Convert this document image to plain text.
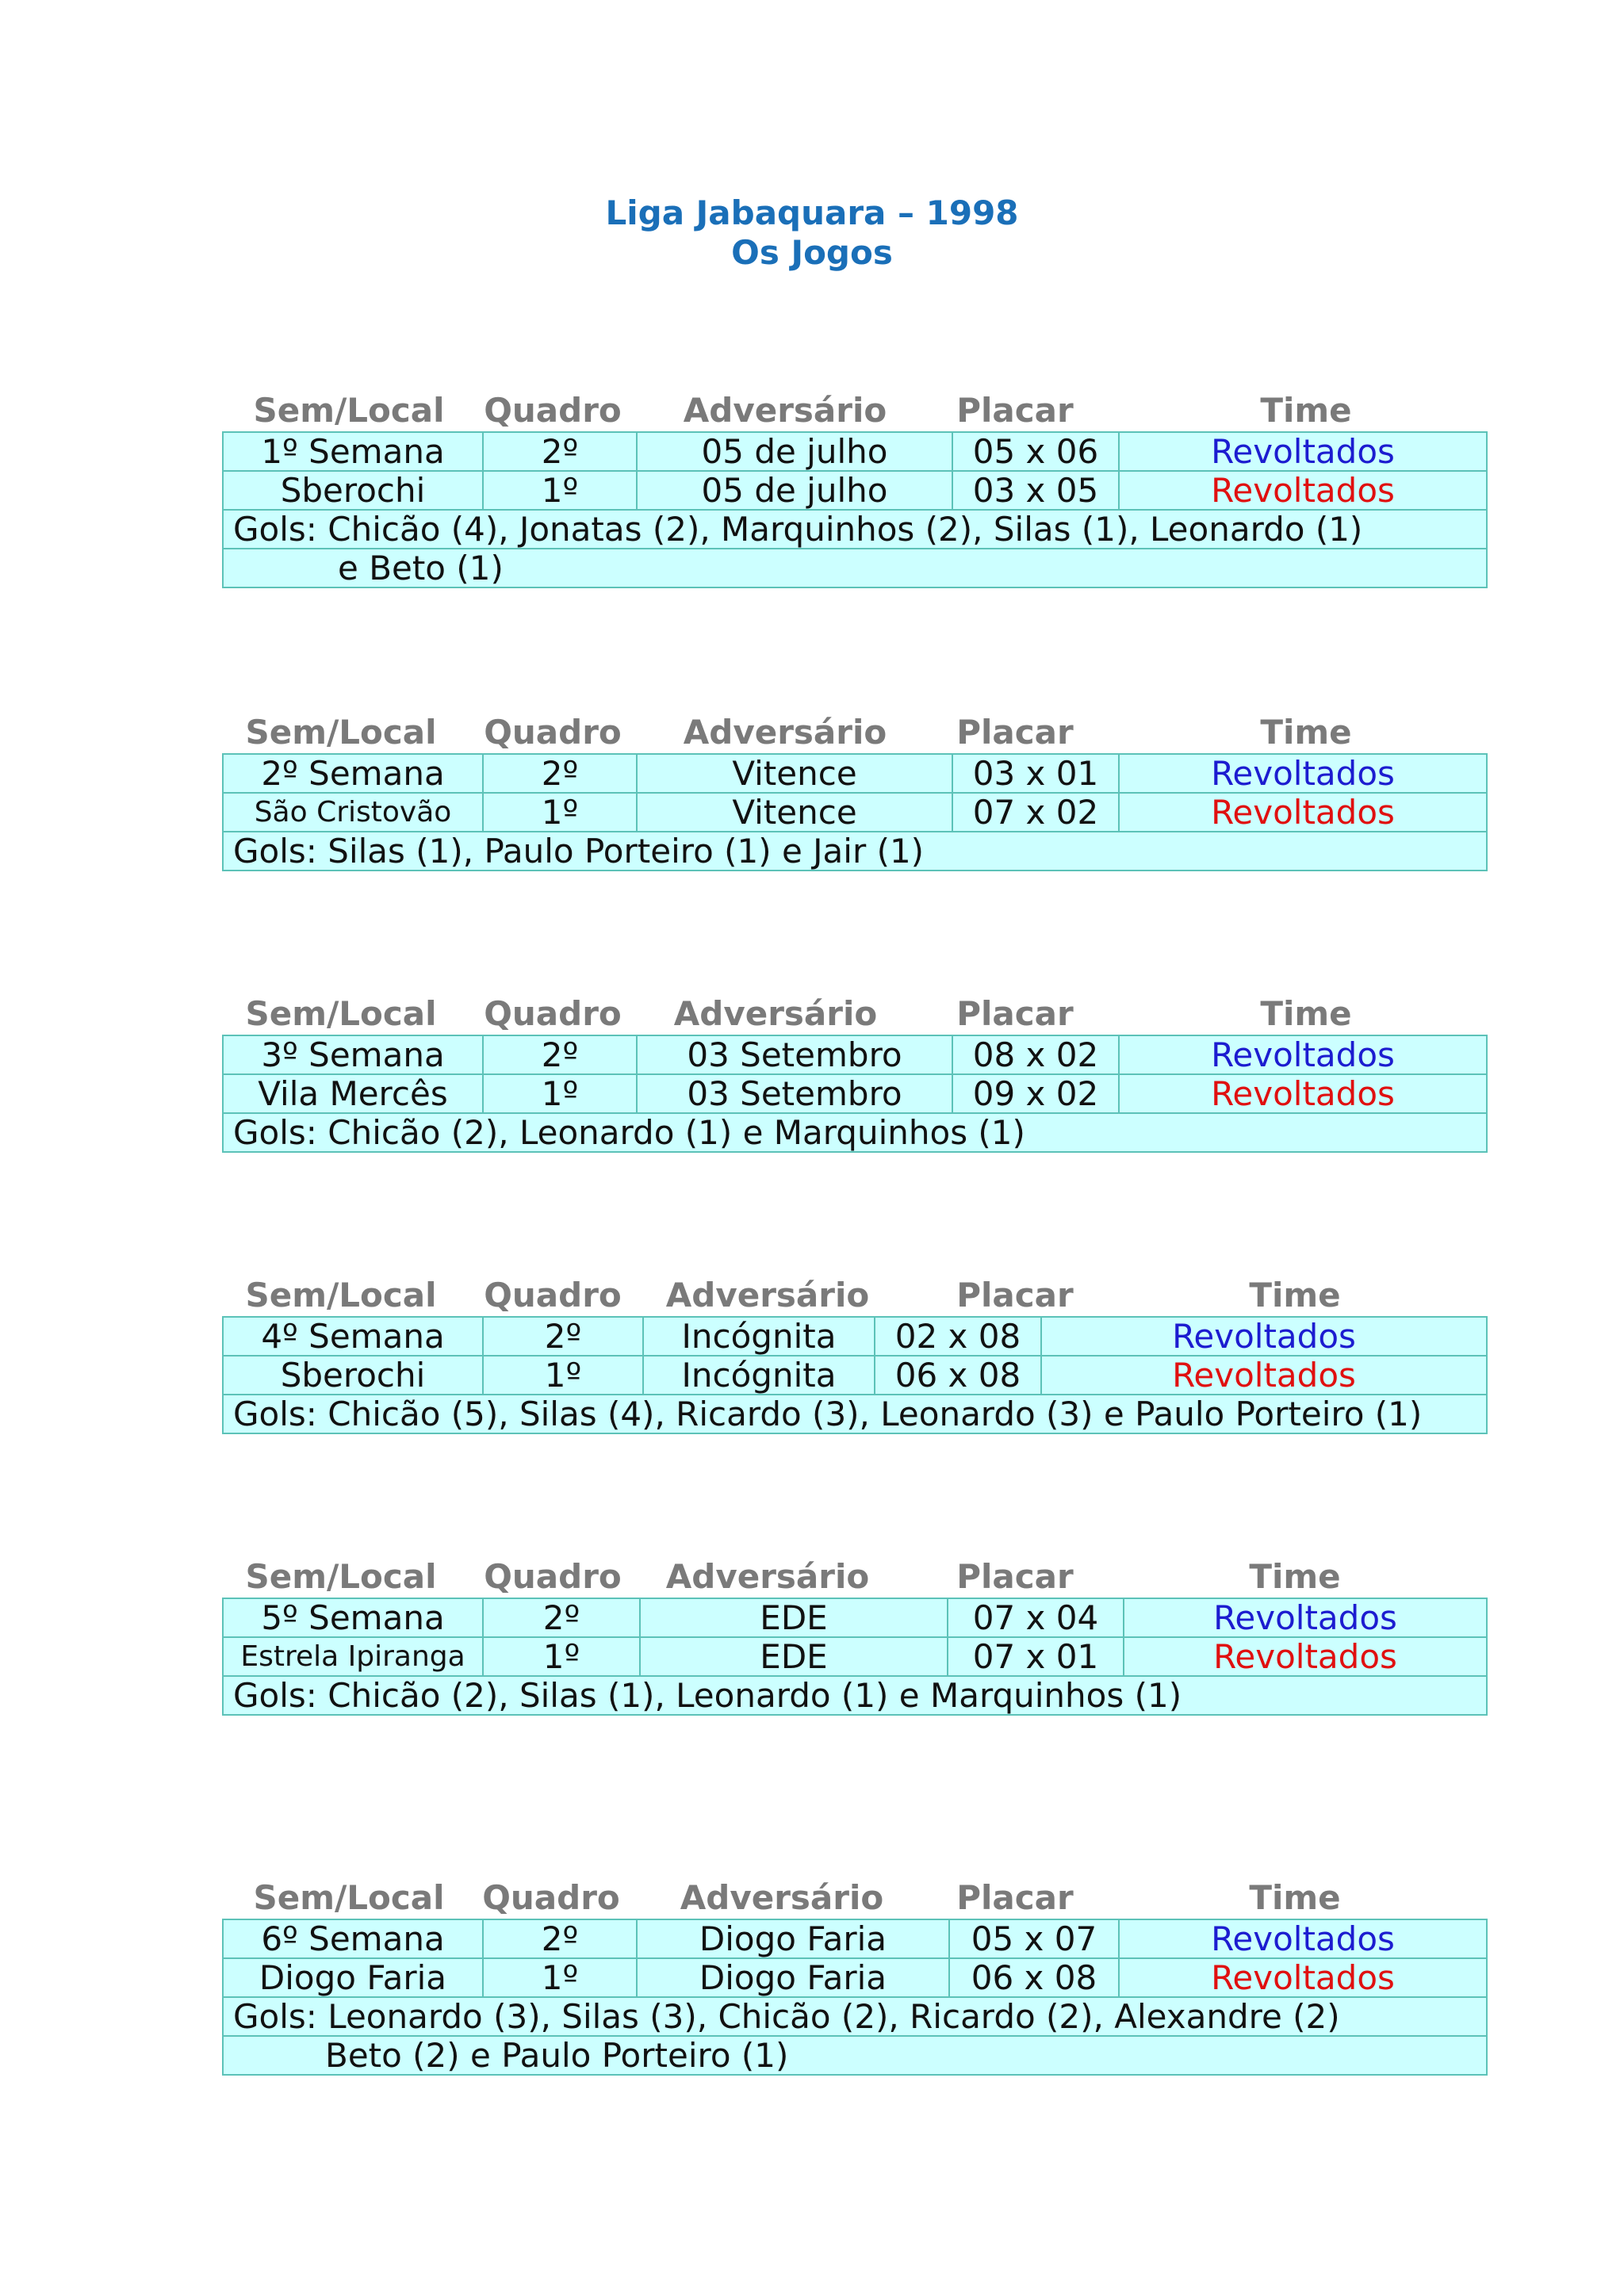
Liga Jabaquara – 1998
Os Jogos
Sem/Local	Quadro	Adversário	Placar	Time
1º Semana	2º	05 de julho	05 x 06	Revoltados
Sberochi	1º	05 de julho	03 x 05	Revoltados
Gols: Chicão (4), Jonatas (2), Marquinhos (2), Silas (1), Leonardo (1)				
e Beto (1)				
Sem/Local	Quadro	Adversário	Placar	Time
2º Semana	2º	Vitence	03 x 01	Revoltados
São Cristovão	1º	Vitence	07 x 02	Revoltados
Gols: Silas (1), Paulo Porteiro (1) e Jair (1)				
Sem/Local	Quadro	Adversário	Placar	Time
3º Semana	2º	03 Setembro	08 x 02	Revoltados
Vila Mercês	1º	03 Setembro	09 x 02	Revoltados
Gols: Chicão (2), Leonardo (1) e Marquinhos (1)				
Sem/Local	Quadro	Adversário	Placar	Time
4º Semana	2º	Incógnita	02 x 08	Revoltados
Sberochi	1º	Incógnita	06 x 08	Revoltados
Gols: Chicão (5), Silas (4), Ricardo (3), Leonardo (3) e Paulo Porteiro (1)				
Sem/Local	Quadro	Adversário	Placar	Time
5º Semana	2º	EDE	07 x 04	Revoltados
Estrela Ipiranga	1º	EDE	07 x 01	Revoltados
Gols: Chicão (2), Silas (1), Leonardo (1) e Marquinhos (1)				
Sem/Local	Quadro	Adversário	Placar	Time
6º Semana	2º	Diogo Faria	05 x 07	Revoltados
Diogo Faria	1º	Diogo Faria	06 x 08	Revoltados
Gols: Leonardo (3), Silas (3), Chicão (2), Ricardo (2), Alexandre (2)				
Beto (2) e Paulo Porteiro (1)				
